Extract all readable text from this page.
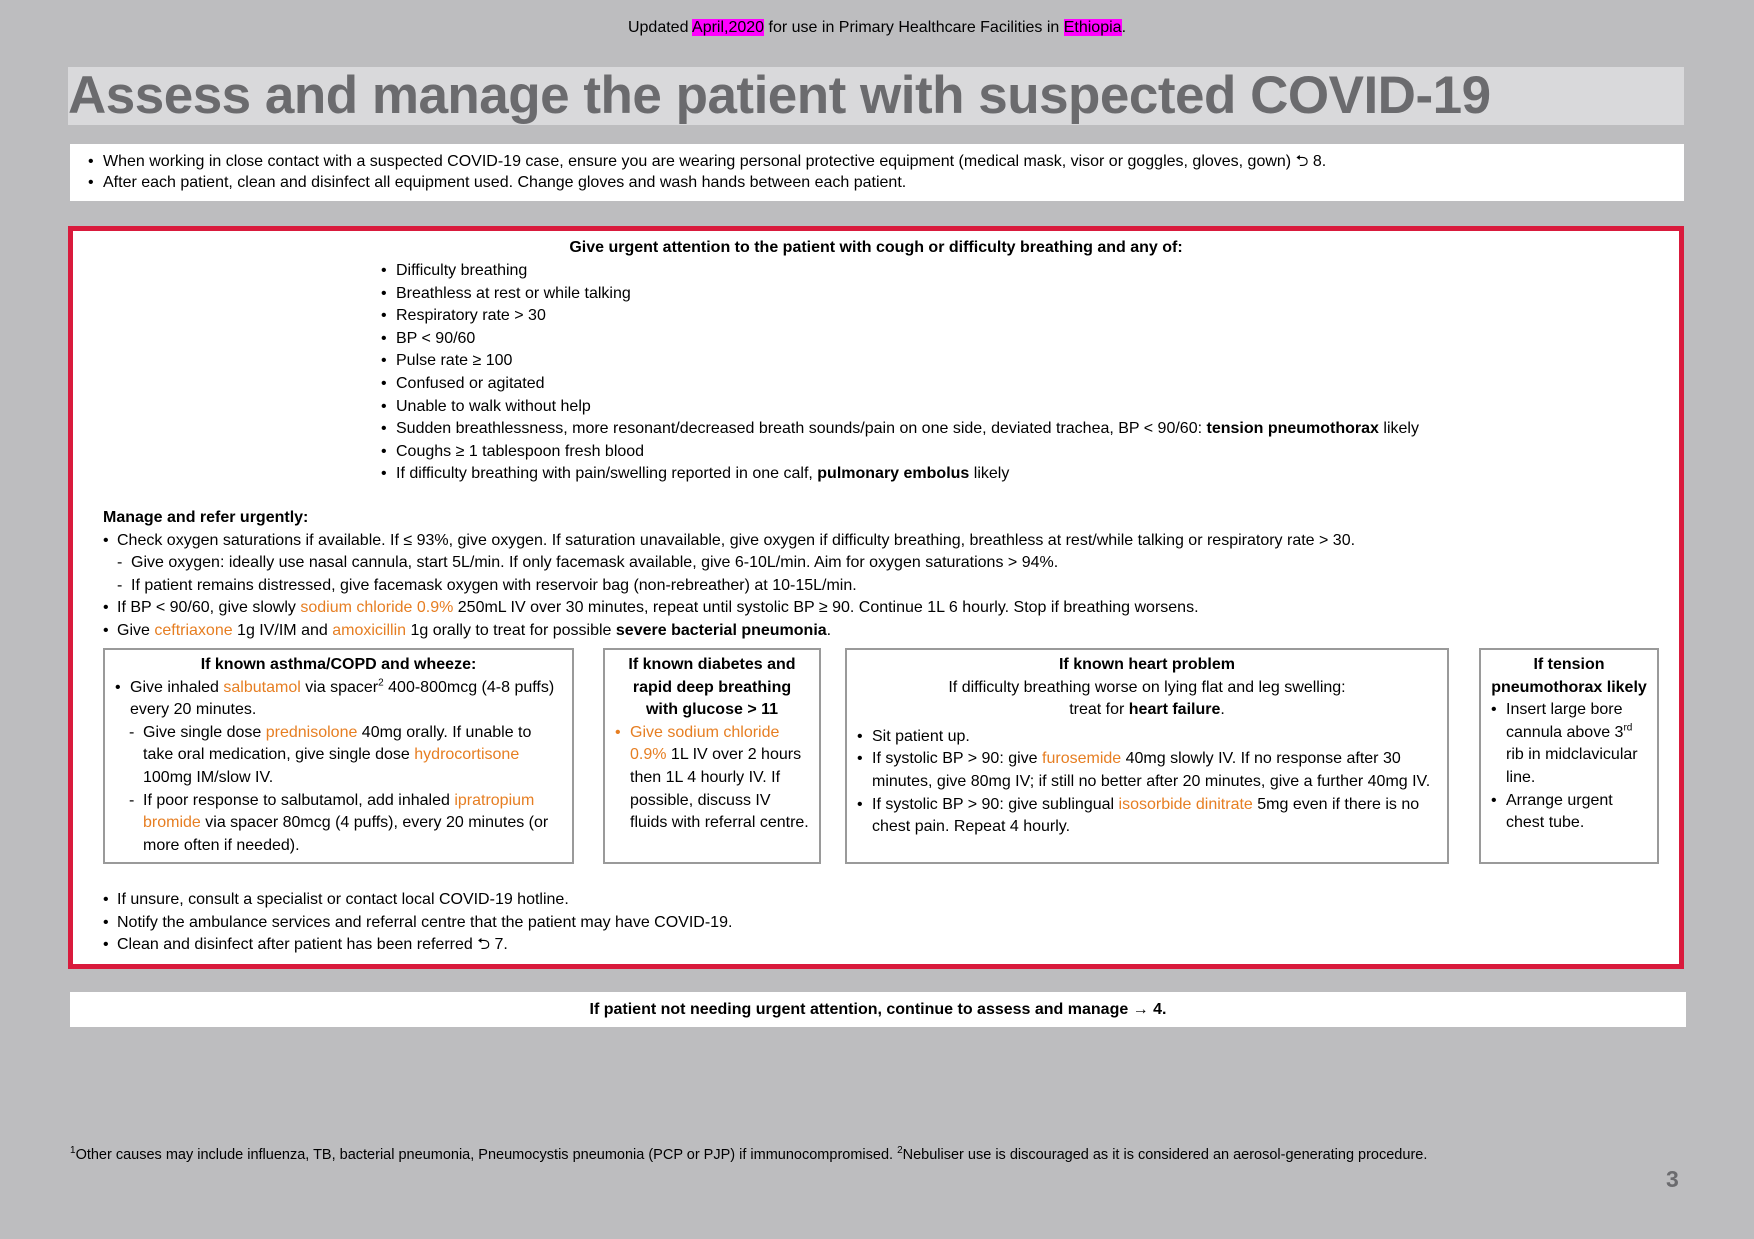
Updated April,2020 for use in Primary Healthcare Facilities in Ethiopia.
Assess and manage the patient with suspected COVID-19
• When working in close contact with a suspected COVID-19 case, ensure you are wearing personal protective equipment (medical mask, visor or goggles, gloves, gown) ⮌ 8.
• After each patient, clean and disinfect all equipment used. Change gloves and wash hands between each patient.
Give urgent attention to the patient with cough or difficulty breathing and any of:
• Difficulty breathing
• Breathless at rest or while talking
• Respiratory rate > 30
• BP < 90/60
• Pulse rate ≥ 100
• Confused or agitated
• Unable to walk without help
• Sudden breathlessness, more resonant/decreased breath sounds/pain on one side, deviated trachea, BP < 90/60: tension pneumothorax likely
• Coughs ≥ 1 tablespoon fresh blood
• If difficulty breathing with pain/swelling reported in one calf, pulmonary embolus likely
Manage and refer urgently:
• Check oxygen saturations if available. If ≤ 93%, give oxygen. If saturation unavailable, give oxygen if difficulty breathing, breathless at rest/while talking or respiratory rate > 30.
- Give oxygen: ideally use nasal cannula, start 5L/min. If only facemask available, give 6-10L/min. Aim for oxygen saturations > 94%.
- If patient remains distressed, give facemask oxygen with reservoir bag (non-rebreather) at 10-15L/min.
• If BP < 90/60, give slowly sodium chloride 0.9% 250mL IV over 30 minutes, repeat until systolic BP ≥ 90. Continue 1L 6 hourly. Stop if breathing worsens.
• Give ceftriaxone 1g IV/IM and amoxicillin 1g orally to treat for possible severe bacterial pneumonia.
If known asthma/COPD and wheeze:
• Give inhaled salbutamol via spacer$^2$ 400-800mcg (4-8 puffs) every 20 minutes.
- Give single dose prednisolone 40mg orally. If unable to take oral medication, give single dose hydrocortisone 100mg IM/slow IV.
- If poor response to salbutamol, add inhaled ipratropium bromide via spacer 80mcg (4 puffs), every 20 minutes (or more often if needed).
If known diabetes and rapid deep breathing with glucose > 11
• Give sodium chloride 0.9% 1L IV over 2 hours then 1L 4 hourly IV. If possible, discuss IV fluids with referral centre.
If known heart problem
If difficulty breathing worse on lying flat and leg swelling:
treat for heart failure.
• Sit patient up.
• If systolic BP > 90: give furosemide 40mg slowly IV. If no response after 30 minutes, give 80mg IV; if still no better after 20 minutes, give a further 40mg IV.
• If systolic BP > 90: give sublingual isosorbide dinitrate 5mg even if there is no chest pain. Repeat 4 hourly.
If tension pneumothorax likely
• Insert large bore cannula above 3rd rib in midclavicular line.
• Arrange urgent chest tube.
• If unsure, consult a specialist or contact local COVID-19 hotline.
• Notify the ambulance services and referral centre that the patient may have COVID-19.
• Clean and disinfect after patient has been referred ⮌ 7.
If patient not needing urgent attention, continue to assess and manage → 4.
$^1$Other causes may include influenza, TB, bacterial pneumonia, Pneumocystis pneumonia (PCP or PJP) if immunocompromised. $^2$Nebuliser use is discouraged as it is considered an aerosol-generating procedure.
3
